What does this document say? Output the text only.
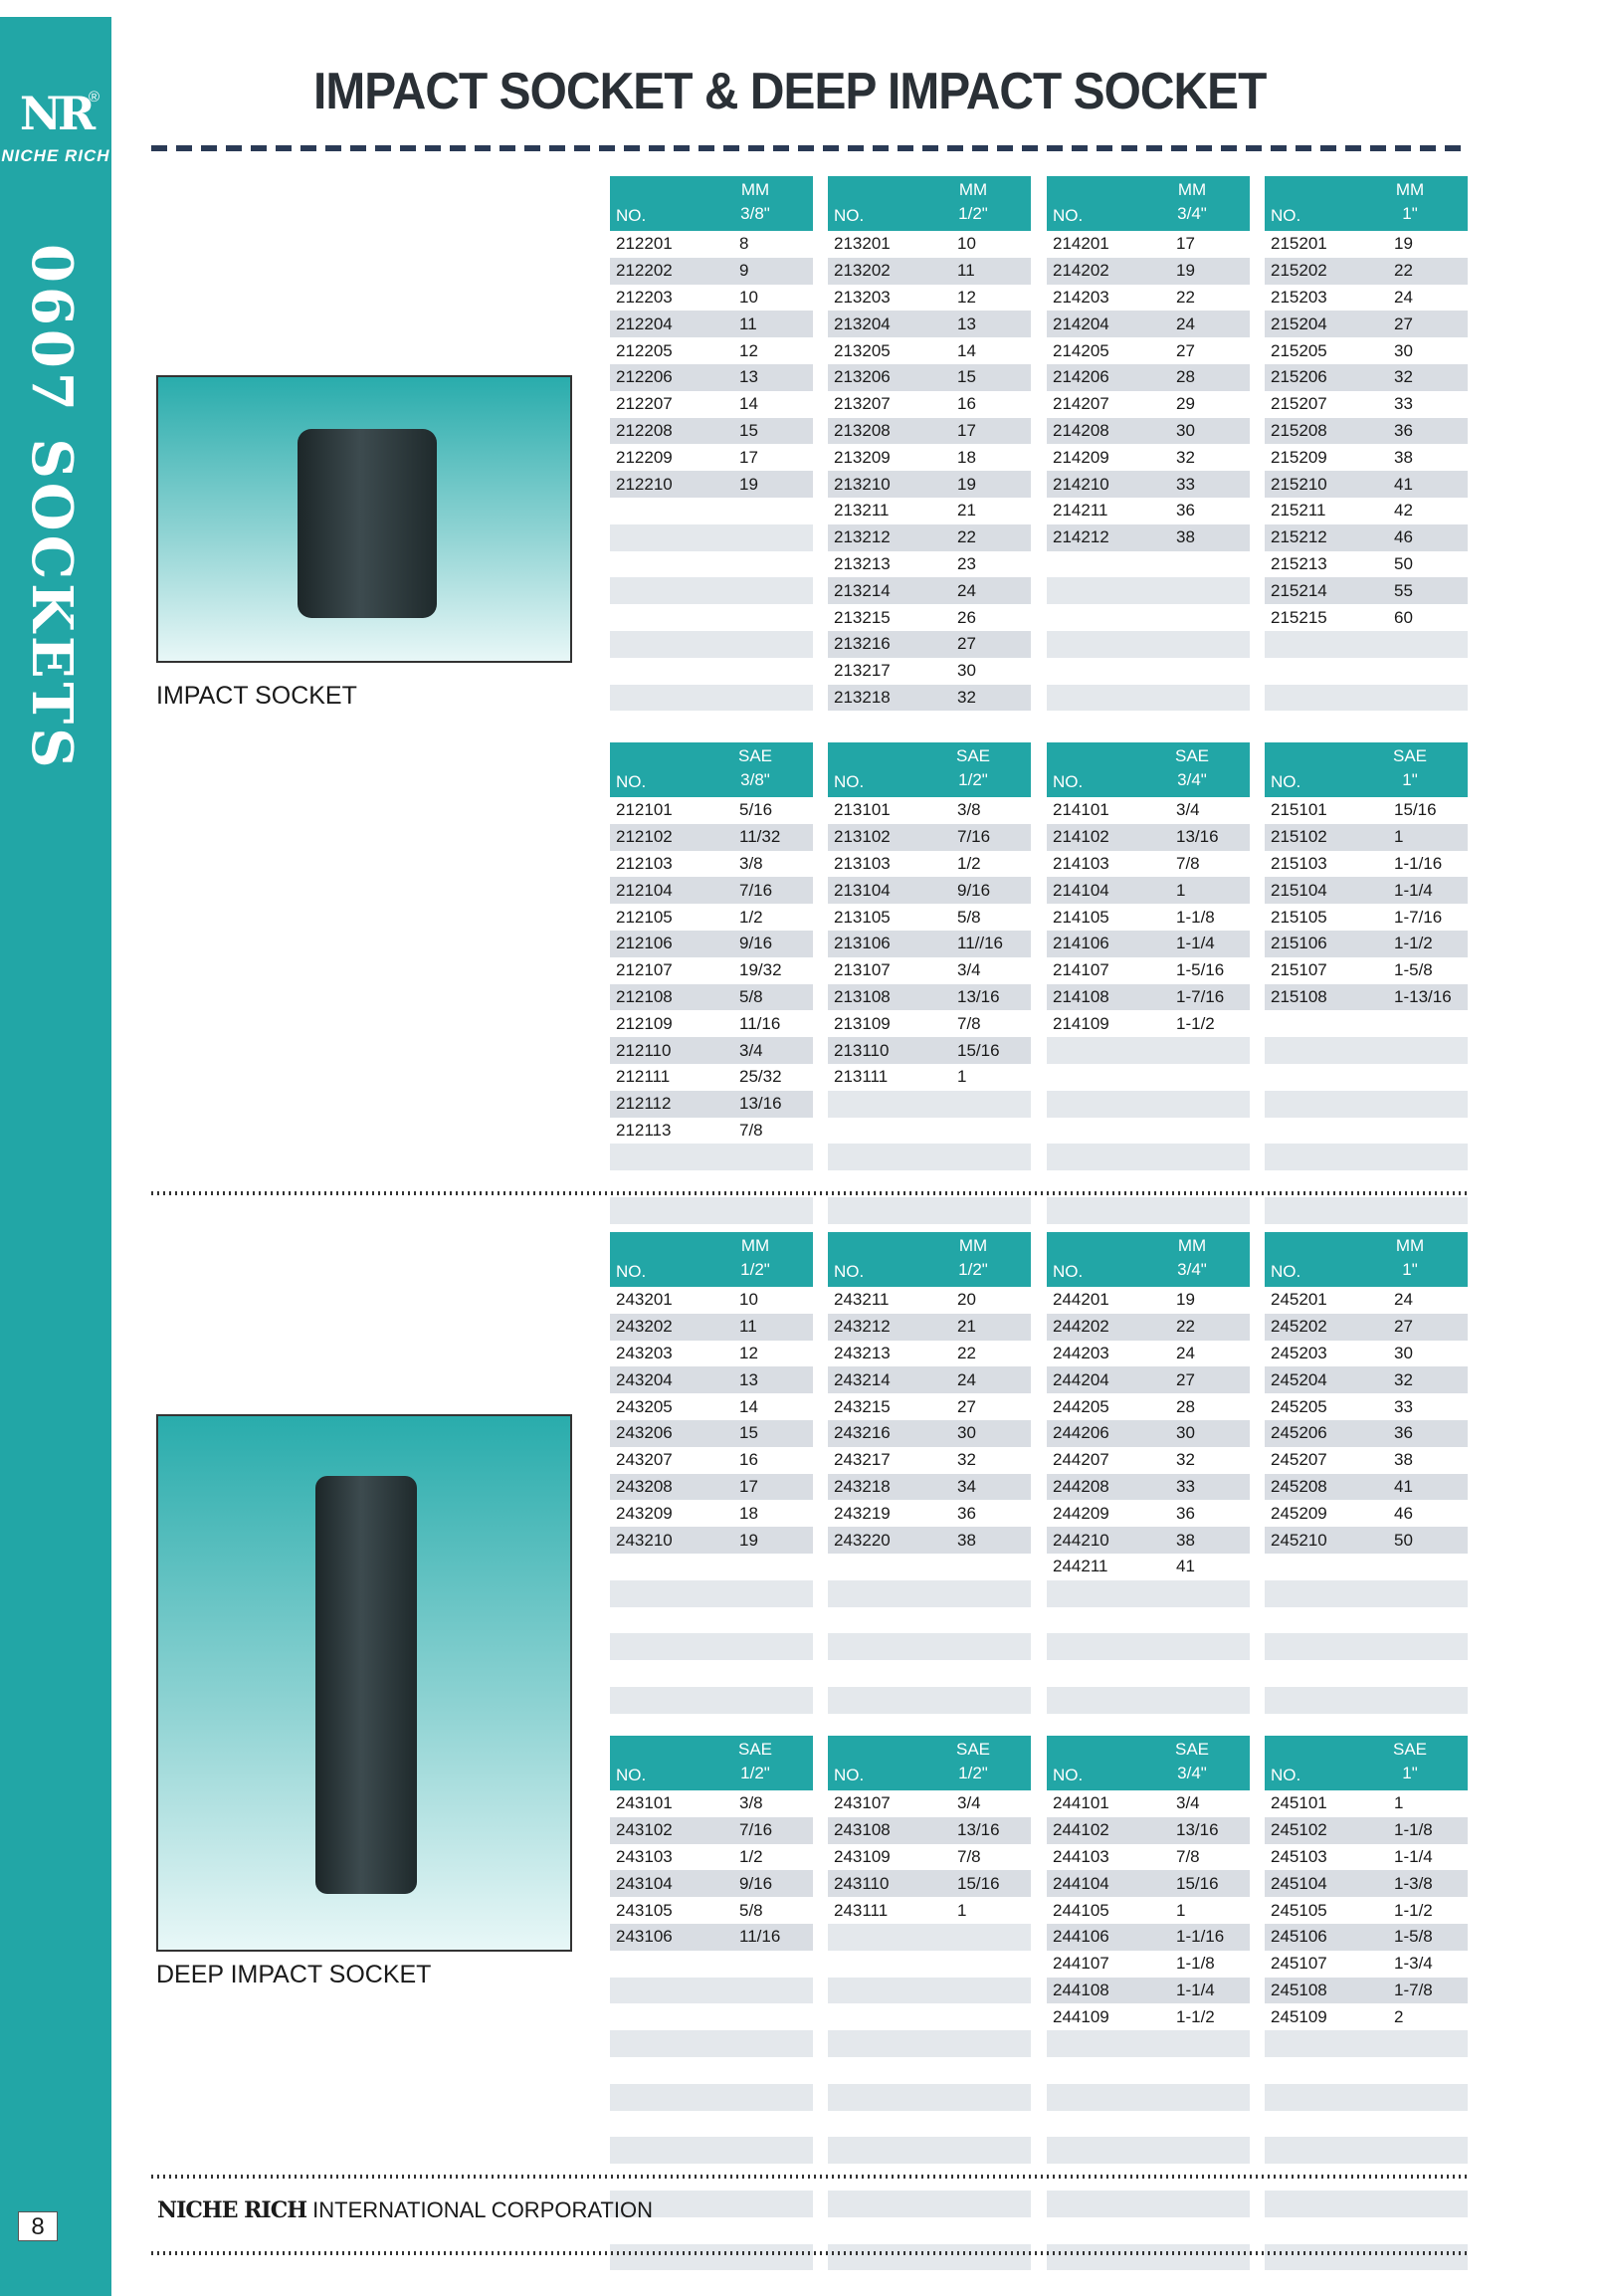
NR
®
NICHE RICH
0607 SOCKETS
8
IMPACT SOCKET & DEEP IMPACT SOCKET
IMPACT SOCKET
DEEP IMPACT SOCKET
MM
3/8"
NO.
212201	8
212202	9
212203	10
212204	11
212205	12
212206	13
212207	14
212208	15
212209	17
212210	19
MM
1/2"
NO.
213201	10
213202	11
213203	12
213204	13
213205	14
213206	15
213207	16
213208	17
213209	18
213210	19
213211	21
213212	22
213213	23
213214	24
213215	26
213216	27
213217	30
213218	32
MM
3/4"
NO.
214201	17
214202	19
214203	22
214204	24
214205	27
214206	28
214207	29
214208	30
214209	32
214210	33
214211	36
214212	38
MM
1"
NO.
215201	19
215202	22
215203	24
215204	27
215205	30
215206	32
215207	33
215208	36
215209	38
215210	41
215211	42
215212	46
215213	50
215214	55
215215	60
SAE
3/8"
NO.
212101	5/16
212102	11/32
212103	3/8
212104	7/16
212105	1/2
212106	9/16
212107	19/32
212108	5/8
212109	11/16
212110	3/4
212111	25/32
212112	13/16
212113	7/8
SAE
1/2"
NO.
213101	3/8
213102	7/16
213103	1/2
213104	9/16
213105	5/8
213106	11//16
213107	3/4
213108	13/16
213109	7/8
213110	15/16
213111	1
SAE
3/4"
NO.
214101	3/4
214102	13/16
214103	7/8
214104	1
214105	1-1/8
214106	1-1/4
214107	1-5/16
214108	1-7/16
214109	1-1/2
SAE
1"
NO.
215101	15/16
215102	1
215103	1-1/16
215104	1-1/4
215105	1-7/16
215106	1-1/2
215107	1-5/8
215108	1-13/16
MM
1/2"
NO.
243201	10
243202	11
243203	12
243204	13
243205	14
243206	15
243207	16
243208	17
243209	18
243210	19
MM
1/2"
NO.
243211	20
243212	21
243213	22
243214	24
243215	27
243216	30
243217	32
243218	34
243219	36
243220	38
MM
3/4"
NO.
244201	19
244202	22
244203	24
244204	27
244205	28
244206	30
244207	32
244208	33
244209	36
244210	38
244211	41
MM
1"
NO.
245201	24
245202	27
245203	30
245204	32
245205	33
245206	36
245207	38
245208	41
245209	46
245210	50
SAE
1/2"
NO.
243101	3/8
243102	7/16
243103	1/2
243104	9/16
243105	5/8
243106	11/16
SAE
1/2"
NO.
243107	3/4
243108	13/16
243109	7/8
243110	15/16
243111	1
SAE
3/4"
NO.
244101	3/4
244102	13/16
244103	7/8
244104	15/16
244105	1
244106	1-1/16
244107	1-1/8
244108	1-1/4
244109	1-1/2
SAE
1"
NO.
245101	1
245102	1-1/8
245103	1-1/4
245104	1-3/8
245105	1-1/2
245106	1-5/8
245107	1-3/4
245108	1-7/8
245109	2
NICHE RICH INTERNATIONAL CORPORATION
